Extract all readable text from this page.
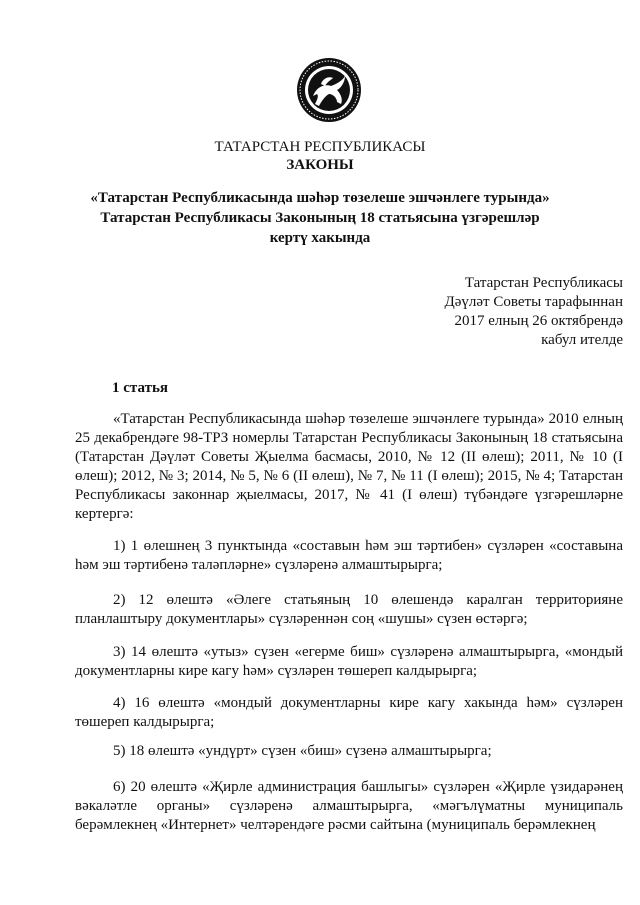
ТАТАРСТАН РЕСПУБЛИКАСЫ
ЗАКОНЫ
«Татарстан Республикасында шәһәр төзелеше эшчәнлеге турында»
Татарстан Республикасы Законының 18 статьясына үзгәрешләр
кертү хакында
Татарстан Республикасы
Дәүләт Советы тарафыннан
2017 елның 26 октябрендә
кабул ителде
1 статья
«Татарстан Республикасында шәһәр төзелеше эшчәнлеге турында» 2010 елның 25 декабрендәге 98-ТРЗ номерлы Татарстан Республикасы Законының 18 статьясына (Татарстан Дәүләт Советы Җыелма басмасы, 2010, № 12 (II өлеш); 2011, № 10 (I өлеш); 2012, № 3; 2014, № 5, № 6 (II өлеш), № 7, № 11 (I өлеш); 2015, № 4; Татарстан Республикасы законнар җыелмасы, 2017, № 41 (I өлеш) түбәндәге үзгәрешләрне кертергә:
1) 1 өлешнең 3 пунктында «составын һәм эш тәртибен» сүзләрен «составына һәм эш тәртибенә таләпләрне» сүзләренә алмаштырырга;
2) 12 өлештә «Әлеге статьяның 10 өлешендә каралган территорияне планлаштыру документлары» сүзләреннән соң «шушы» сүзен өстәргә;
3) 14 өлештә «утыз» сүзен «егерме биш» сүзләренә алмаштырырга, «мондый документларны кире кагу һәм» сүзләрен төшереп калдырырга;
4) 16 өлештә «мондый документларны кире кагу хакында һәм» сүзләрен төшереп калдырырга;
5) 18 өлештә «ундүрт» сүзен «биш» сүзенә алмаштырырга;
6) 20 өлештә «Җирле администрация башлыгы» сүзләрен «Җирле үзидарәнең вәкаләтле органы» сүзләренә алмаштырырга, «мәгълүматны муниципаль берәмлекнең «Интернет» челтәрендәге рәсми сайтына (муниципаль берәмлекнең
